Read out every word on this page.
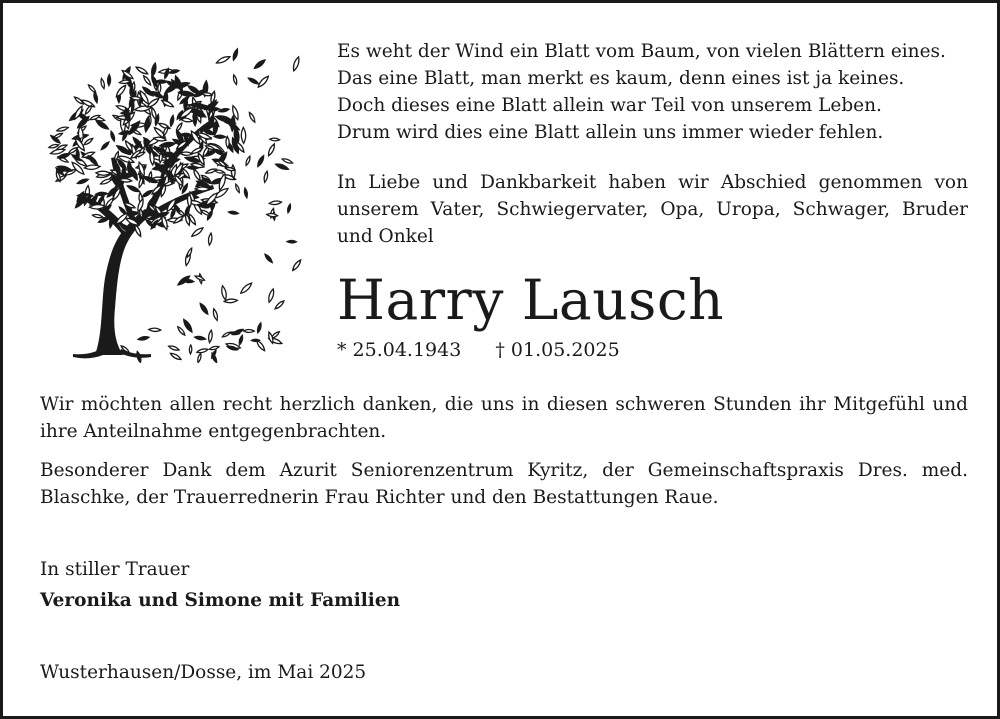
Es weht der Wind ein Blatt vom Baum, von vielen Blättern eines.
Das eine Blatt, man merkt es kaum, denn eines ist ja keines.
Doch dieses eine Blatt allein war Teil von unserem Leben.
Drum wird dies eine Blatt allein uns immer wieder fehlen.
In Liebe und Dankbarkeit haben wir Abschied genommen von unserem Vater, Schwiegervater, Opa, Uropa, Schwager, Bruder und Onkel
Harry Lausch
* 25.04.1943 † 01.05.2025
Wir möchten allen recht herzlich danken, die uns in diesen schweren Stunden ihr Mitgefühl und ihre Anteilnahme entgegenbrachten.
Besonderer Dank dem Azurit Seniorenzentrum Kyritz, der Gemeinschaftspraxis Dres. med. Blaschke, der Trauerrednerin Frau Richter und den Bestattungen Raue.
In stiller Trauer
Veronika und Simone mit Familien
Wusterhausen/Dosse, im Mai 2025
